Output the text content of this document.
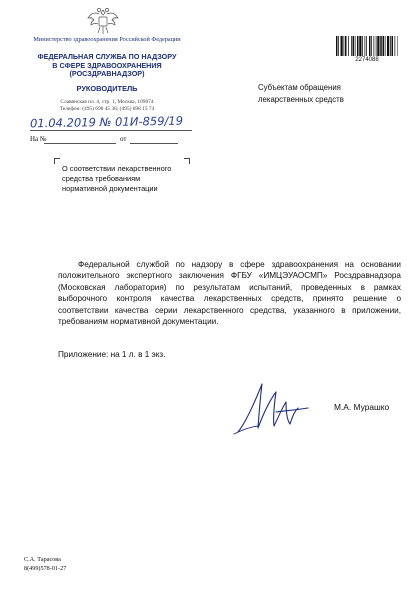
Министерство здравоохранения Российской Федерации
ФЕДЕРАЛЬНАЯ СЛУЖБА ПО НАДЗОРУ
В СФЕРЕ ЗДРАВООХРАНЕНИЯ
(РОСЗДРАВНАДЗОР)
РУКОВОДИТЕЛЬ
Славянская пл. 4, стр. 1, Москва, 109074
Телефон: (495) 698 45 38; (495) 698 15 74
01.04.2019 № 01И-859/19
На №	от
О соответствии лекарственного
средства требованиям
нормативной документации
2274088
Субъектам обращения
лекарственных средств

Федеральной службой по надзору в сфере здравоохранения на основании положительного экспертного заключения ФГБУ «ИМЦЭУАОСМП» Росздравнадзора (Московская лаборатория) по результатам испытаний, проведенных в рамках выборочного контроля качества лекарственных средств, принято решение о соответствии качества серии лекарственного средства, указанного в приложении, требованиям нормативной документации.

Приложение: на 1 л. в 1 экз.
М.А. Мурашко
С.А. Тарасова
8(499)578-01-27
